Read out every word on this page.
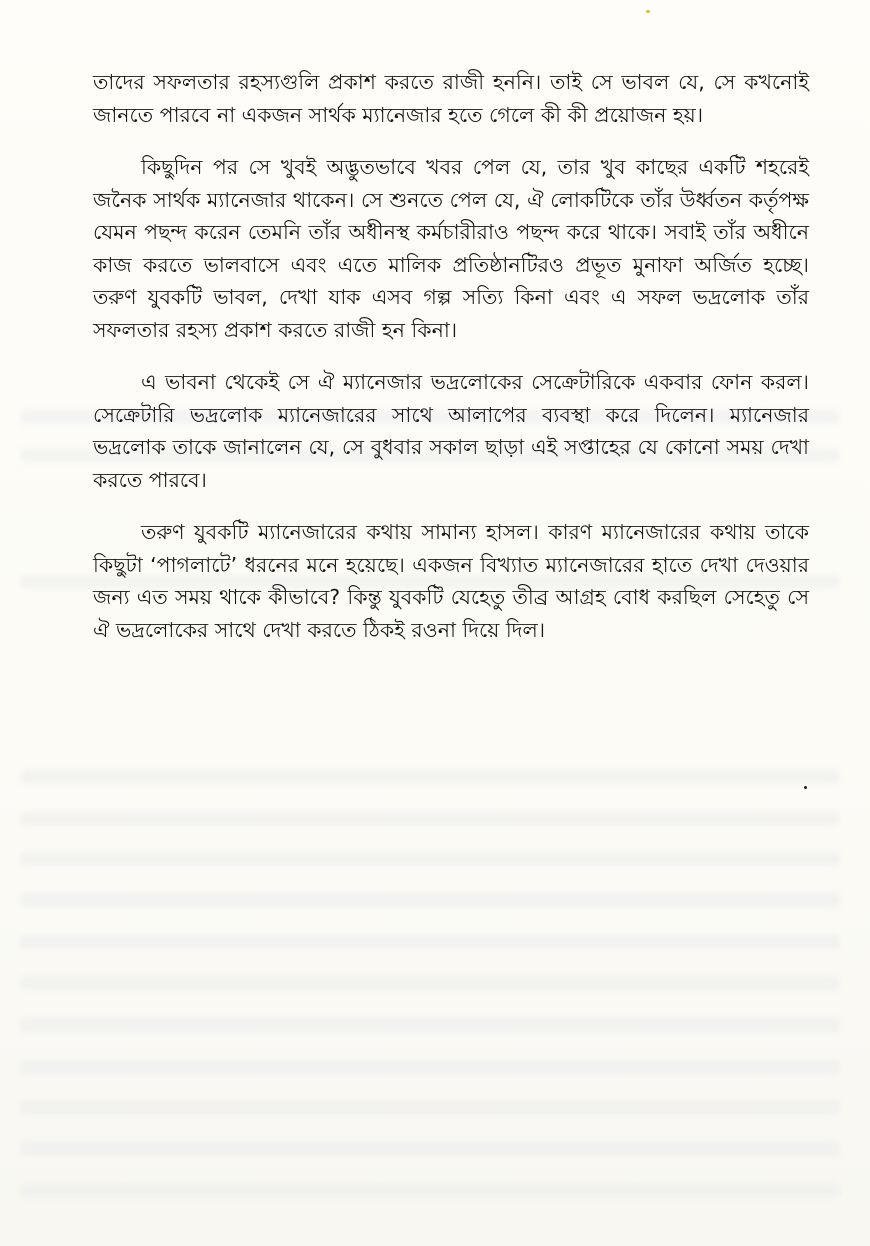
তাদের সফলতার রহস্যগুলি প্রকাশ করতে রাজী হননি। তাই সে ভাবল যে, সে কখনোই জানতে পারবে না একজন সার্থক ম্যানেজার হতে গেলে কী কী প্রয়োজন হয়।

কিছুদিন পর সে খুবই অদ্ভুতভাবে খবর পেল যে, তার খুব কাছের একটি শহরেই জনৈক সার্থক ম্যানেজার থাকেন। সে শুনতে পেল যে, ঐ লোকটিকে তাঁর উর্ধ্বতন কর্তৃপক্ষ যেমন পছন্দ করেন তেমনি তাঁর অধীনস্থ কর্মচারীরাও পছন্দ করে থাকে। সবাই তাঁর অধীনে কাজ করতে ভালবাসে এবং এতে মালিক প্রতিষ্ঠানটিরও প্রভূত মুনাফা অর্জিত হচ্ছে। তরুণ যুবকটি ভাবল, দেখা যাক এসব গল্প সত্যি কিনা এবং এ সফল ভদ্রলোক তাঁর সফলতার রহস্য প্রকাশ করতে রাজী হন কিনা।

এ ভাবনা থেকেই সে ঐ ম্যানেজার ভদ্রলোকের সেক্রেটারিকে একবার ফোন করল। সেক্রেটারি ভদ্রলোক ম্যানেজারের সাথে আলাপের ব্যবস্থা করে দিলেন। ম্যানেজার ভদ্রলোক তাকে জানালেন যে, সে বুধবার সকাল ছাড়া এই সপ্তাহের যে কোনো সময় দেখা করতে পারবে।

তরুণ যুবকটি ম্যানেজারের কথায় সামান্য হাসল। কারণ ম্যানেজারের কথায় তাকে কিছুটা ‘পাগলাটে’ ধরনের মনে হয়েছে। একজন বিখ্যাত ম্যানেজারের হাতে দেখা দেওয়ার জন্য এত সময় থাকে কীভাবে? কিন্তু যুবকটি যেহেতু তীব্র আগ্রহ বোধ করছিল সেহেতু সে ঐ ভদ্রলোকের সাথে দেখা করতে ঠিকই রওনা দিয়ে দিল।
